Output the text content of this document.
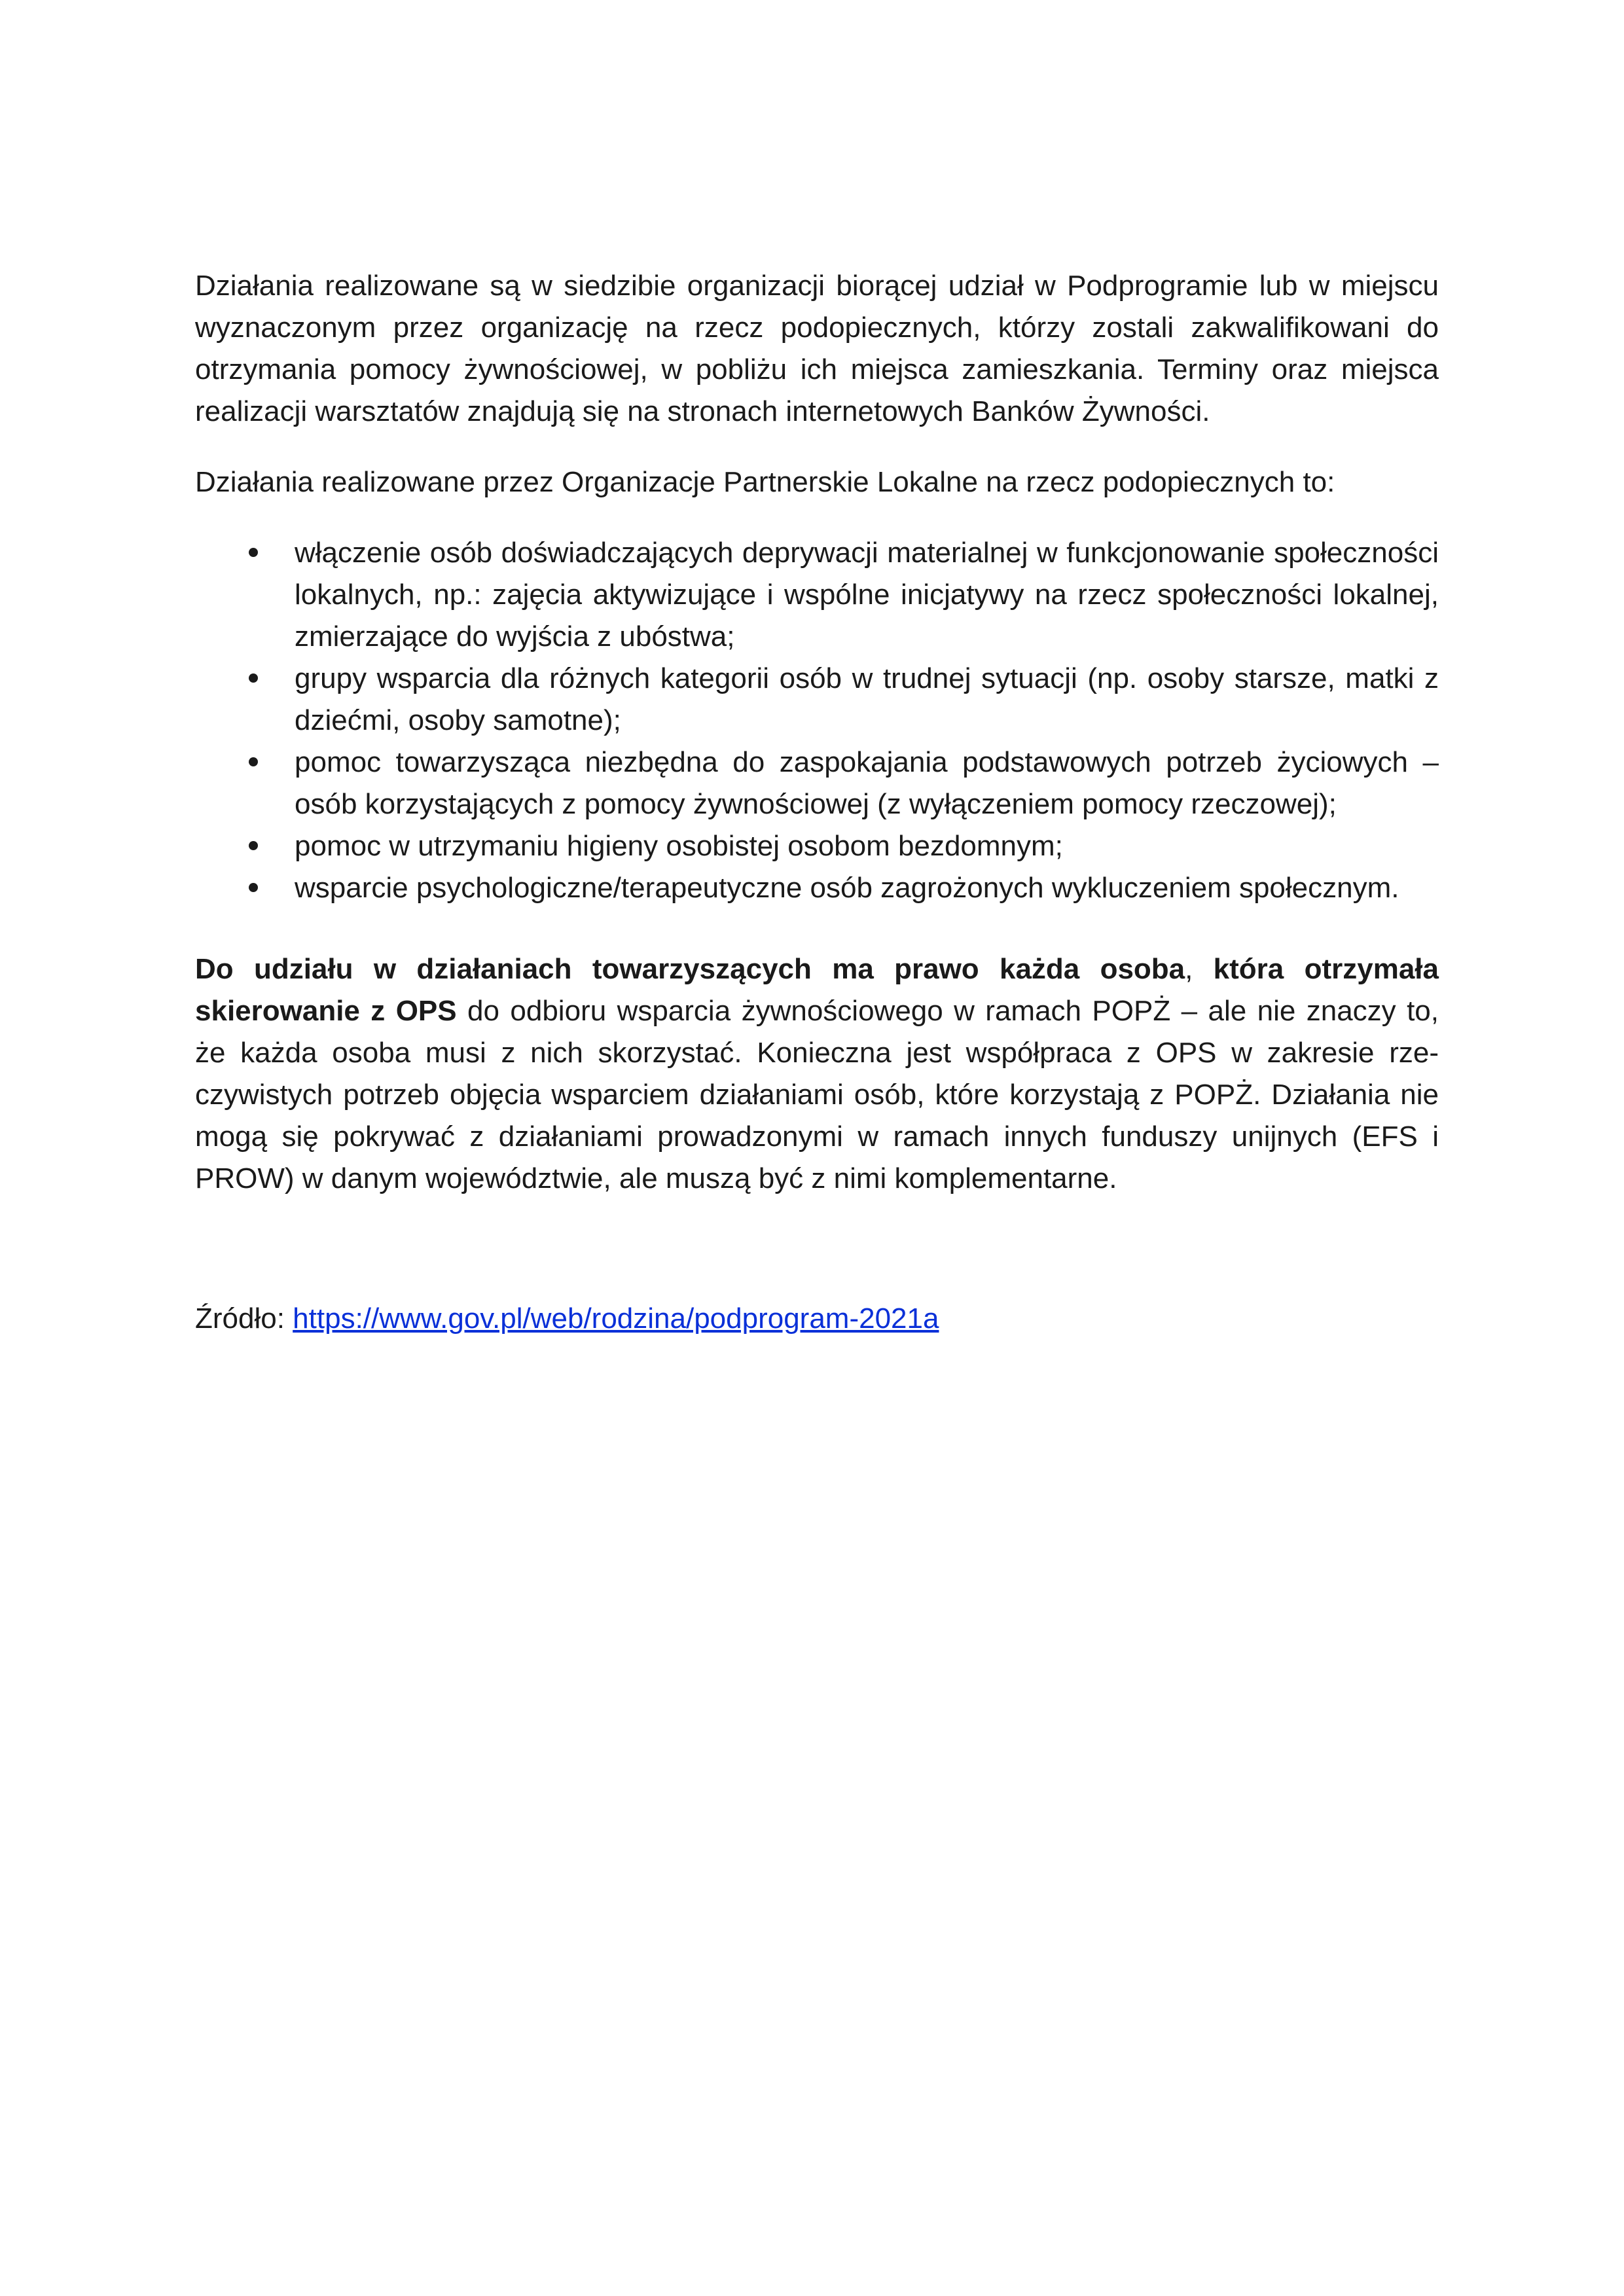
Działania realizowane są w siedzibie organizacji biorącej udział w Podprogramie lub w miejscu wyznaczonym przez organizację na rzecz podopiecznych, którzy zostali zakwalifikowani do otrzymania pomocy żywnościowej, w pobliżu ich miejsca zamieszkania. Terminy oraz miejsca realizacji warsztatów znajdują się na stronach internetowych Banków Żywności.

Działania realizowane przez Organizacje Partnerskie Lokalne na rzecz podopiecznych to:

włączenie osób doświadczających deprywacji materialnej w funkcjonowanie społeczności lokalnych, np.: zajęcia aktywizujące i wspólne inicjatywy na rzecz społeczności lokalnej, zmierzające do wyjścia z ubóstwa;
grupy wsparcia dla różnych kategorii osób w trudnej sytuacji (np. osoby starsze, matki z dziećmi, osoby samotne);
pomoc towarzysząca niezbędna do zaspokajania podstawowych potrzeb życiowych – osób korzystających z pomocy żywnościowej (z wyłączeniem pomocy rzeczowej);
pomoc w utrzymaniu higieny osobistej osobom bezdomnym;
wsparcie psychologiczne/terapeutyczne osób zagrożonych wykluczeniem społecznym.

Do udziału w działaniach towarzyszących ma prawo każda osoba, która otrzymała skierowanie z OPS do odbioru wsparcia żywnościowego w ramach POPŻ – ale nie znaczy to, że każda osoba musi z nich skorzystać. Konieczna jest współpraca z OPS w zakresie rzeczywistych potrzeb objęcia wsparciem działaniami osób, które korzystają z POPŻ. Działania nie mogą się pokrywać z działaniami prowadzonymi w ramach innych funduszy unijnych (EFS i PROW) w danym województwie, ale muszą być z nimi komplementarne.

Źródło: https://www.gov.pl/web/rodzina/podprogram-2021a
